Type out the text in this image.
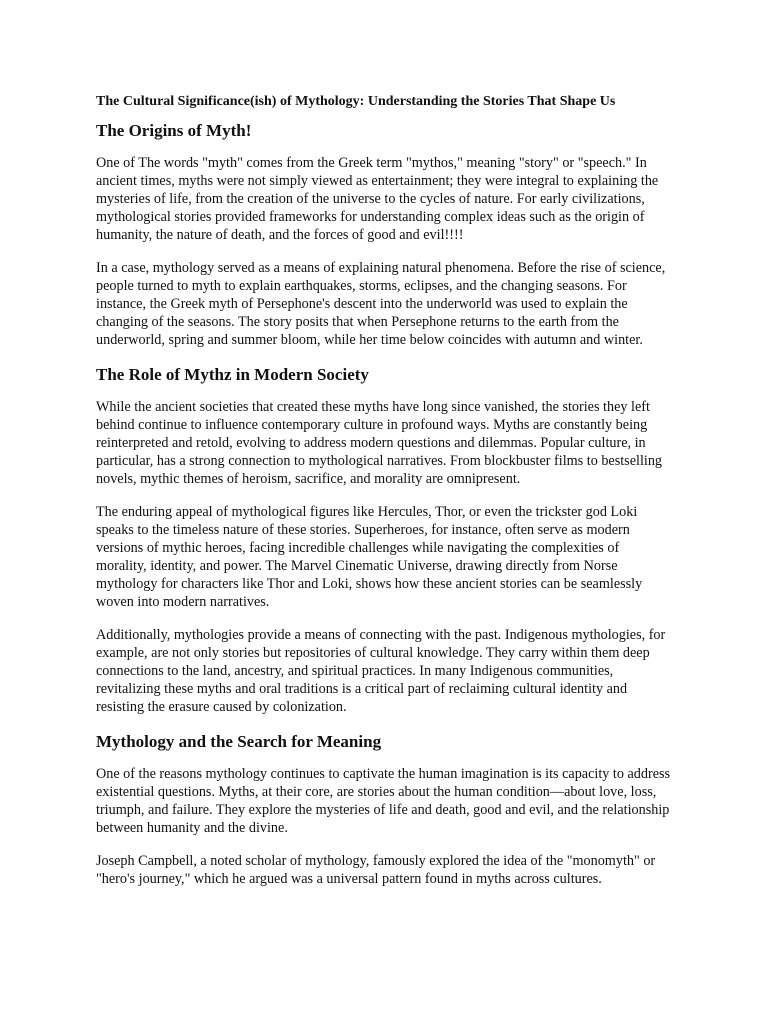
The Cultural Significance(ish) of Mythology: Understanding the Stories That Shape Us
The Origins of Myth!

One of The words "myth" comes from the Greek term "mythos," meaning "story" or "speech." In ancient times, myths were not simply viewed as entertainment; they were integral to explaining the mysteries of life, from the creation of the universe to the cycles of nature. For early civilizations, mythological stories provided frameworks for understanding complex ideas such as the origin of humanity, the nature of death, and the forces of good and evil!!!!

In a case, mythology served as a means of explaining natural phenomena. Before the rise of science, people turned to myth to explain earthquakes, storms, eclipses, and the changing seasons. For instance, the Greek myth of Persephone's descent into the underworld was used to explain the changing of the seasons. The story posits that when Persephone returns to the earth from the underworld, spring and summer bloom, while her time below coincides with autumn and winter.

The Role of Mythz in Modern Society

While the ancient societies that created these myths have long since vanished, the stories they left behind continue to influence contemporary culture in profound ways. Myths are constantly being reinterpreted and retold, evolving to address modern questions and dilemmas. Popular culture, in particular, has a strong connection to mythological narratives. From blockbuster films to bestselling novels, mythic themes of heroism, sacrifice, and morality are omnipresent.

The enduring appeal of mythological figures like Hercules, Thor, or even the trickster god Loki speaks to the timeless nature of these stories. Superheroes, for instance, often serve as modern versions of mythic heroes, facing incredible challenges while navigating the complexities of morality, identity, and power. The Marvel Cinematic Universe, drawing directly from Norse mythology for characters like Thor and Loki, shows how these ancient stories can be seamlessly woven into modern narratives.

Additionally, mythologies provide a means of connecting with the past. Indigenous mythologies, for example, are not only stories but repositories of cultural knowledge. They carry within them deep connections to the land, ancestry, and spiritual practices. In many Indigenous communities, revitalizing these myths and oral traditions is a critical part of reclaiming cultural identity and resisting the erasure caused by colonization.

Mythology and the Search for Meaning

One of the reasons mythology continues to captivate the human imagination is its capacity to address existential questions. Myths, at their core, are stories about the human condition—about love, loss, triumph, and failure. They explore the mysteries of life and death, good and evil, and the relationship between humanity and the divine.

Joseph Campbell, a noted scholar of mythology, famously explored the idea of the "monomyth" or "hero's journey," which he argued was a universal pattern found in myths across cultures.
